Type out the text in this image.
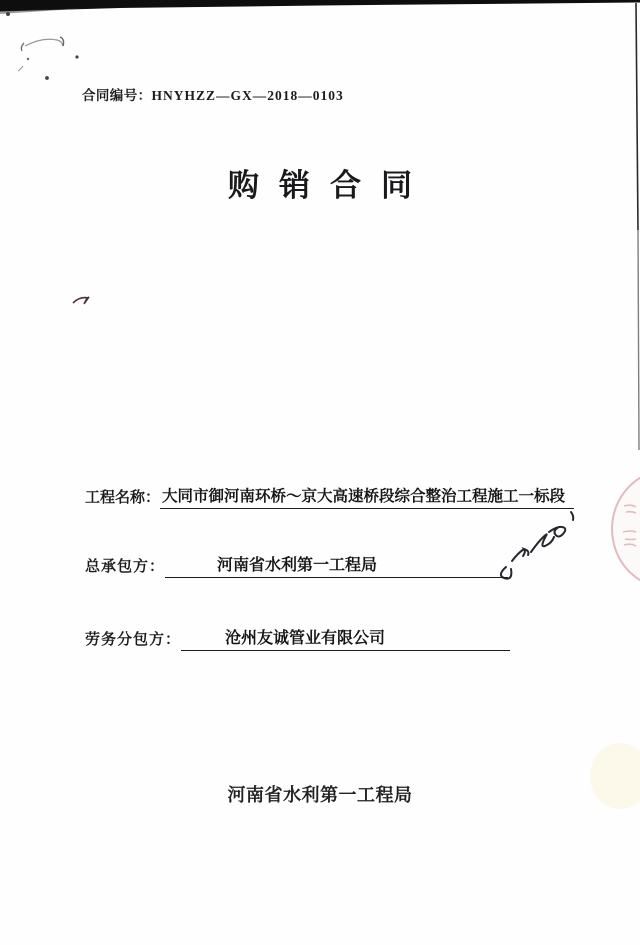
合同编号：HNYHZZ—GX—2018—0103
购销合同
工程名称： 大同市御河南环桥～京大高速桥段综合整治工程施工一标段
总承包方：	河南省水利第一工程局
劳务分包方：	沧州友诚管业有限公司
河南省水利第一工程局
